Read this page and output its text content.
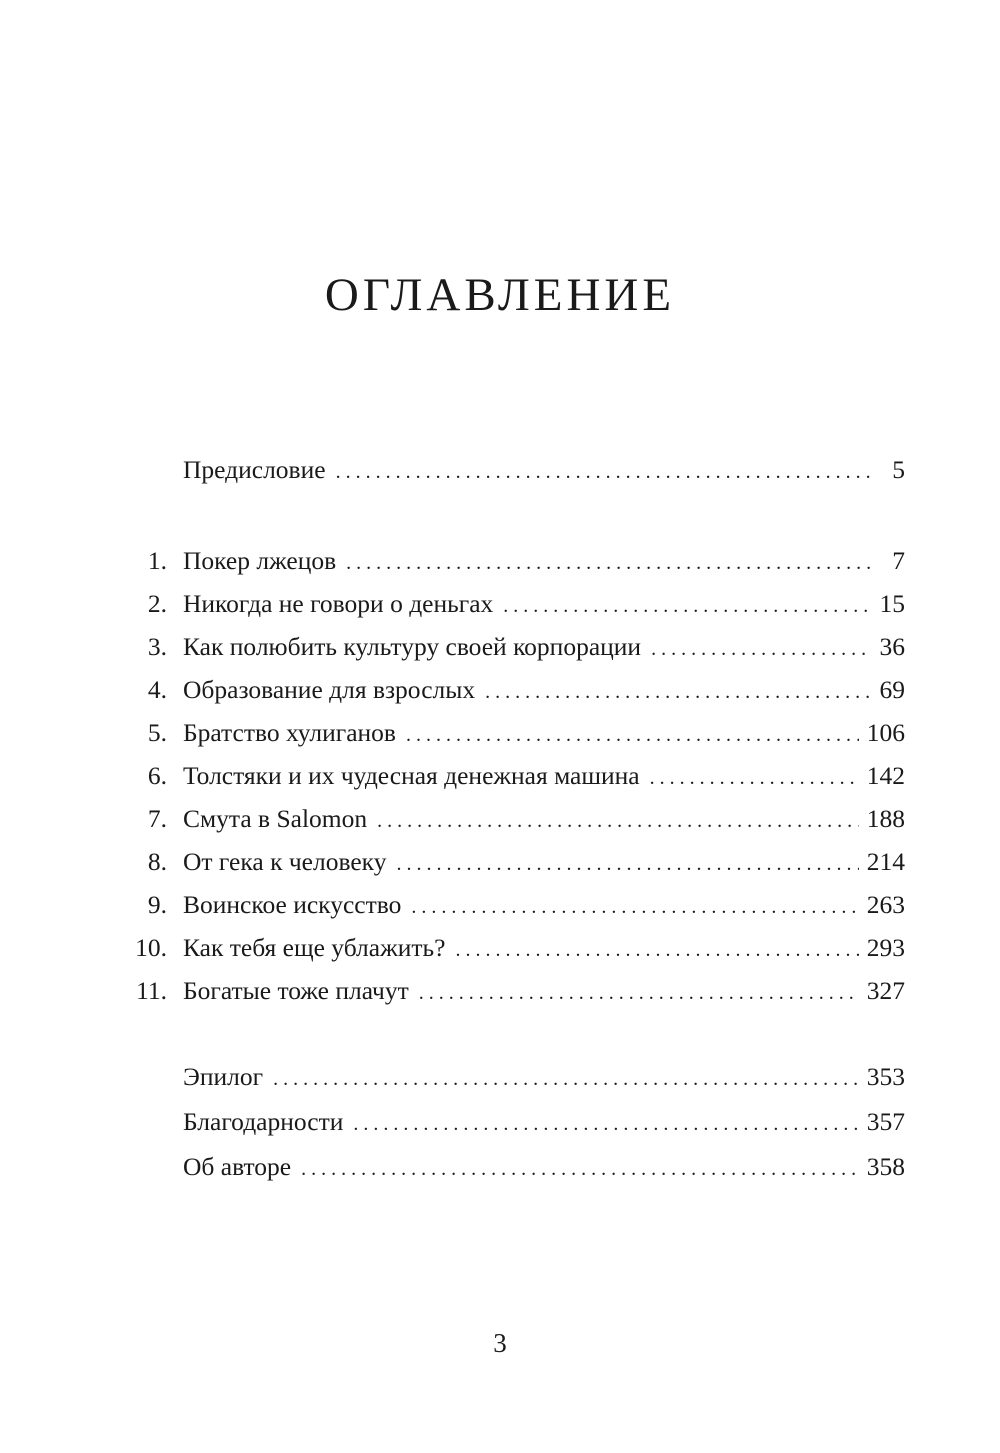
ОГЛАВЛЕНИЕ
Предисловие . . .	5
1. Покер лжецов . . .	7
2. Никогда не говори о деньгах . . .	15
3. Как полюбить культуру своей корпорации . . .	36
4. Образование для взрослых . . .	69
5. Братство хулиганов . . .	106
6. Толстяки и их чудесная денежная машина . . .	142
7. Смута в Salomon . . .	188
8. От гека к человеку . . .	214
9. Воинское искусство . . .	263
10. Как тебя еще ублажить? . . .	293
11. Богатые тоже плачут . . .	327
Эпилог . . .	353
Благодарности . . .	357
Об авторе . . .	358
3
